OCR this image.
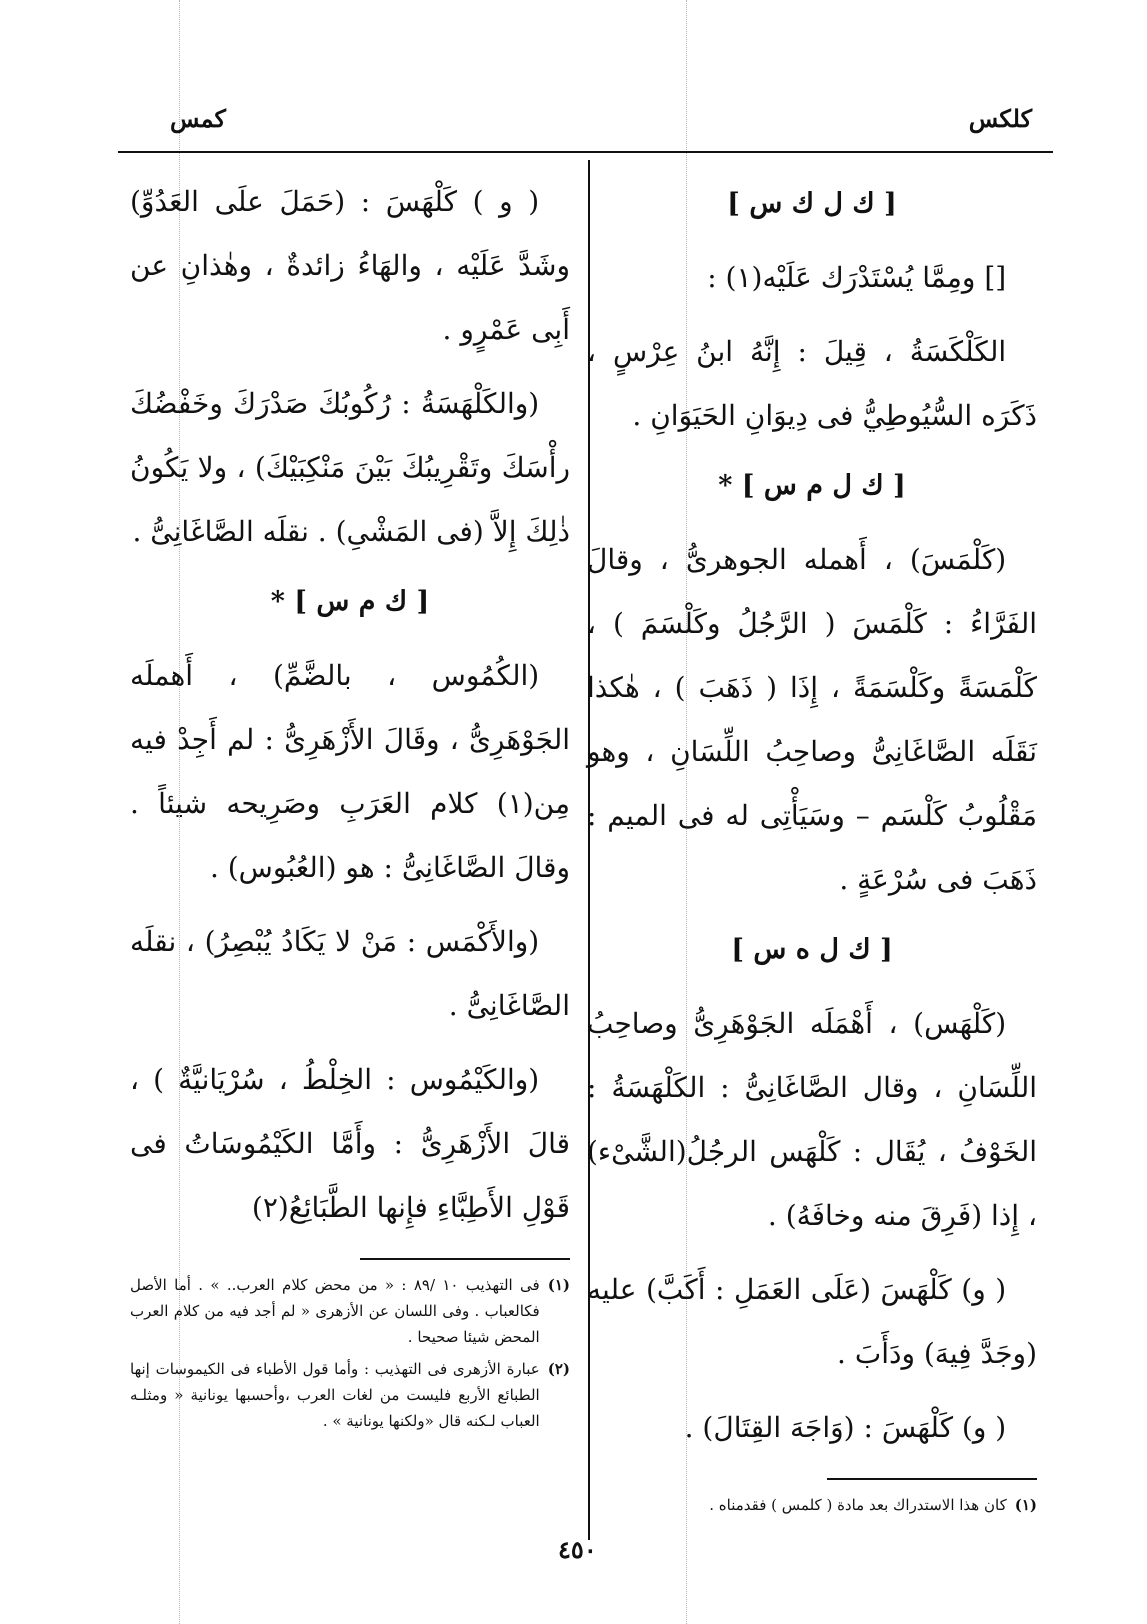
كلكس
كمس
[ ك ل ك س ]

[] ومِمَّا يُسْتَدْرَك عَلَيْه(١) :

الكَلْكَسَةُ ، قِيلَ : إِنَّهُ ابنُ عِرْسٍ ، ذَكَرَه السُّيُوطِيُّ فى دِيوَانِ الحَيَوَانِ .

[ ك ل م س ] *

(كَلْمَسَ) ، أَهمله الجوهرىُّ ، وقالَ الفَرَّاءُ : كَلْمَسَ ( الرَّجُلُ وكَلْسَمَ ) ، كَلْمَسَةً وكَلْسَمَةً ، إِذَا ( ذَهَبَ ) ، هٰكذا نَقَلَه الصَّاغَانِىُّ وصاحِبُ اللِّسَانِ ، وهو مَقْلُوبُ كَلْسَم – وسَيَأْتِى له فى الميم : ذَهَبَ فى سُرْعَةٍ .

[ ك ل ه س ]

(كَلْهَس) ، أَهْمَلَه الجَوْهَرِىُّ وصاحِبُ اللِّسَانِ ، وقال الصَّاغَانِىُّ : الكَلْهَسَةُ : الخَوْفُ ، يُقَال : كَلْهَس الرجُلُ(الشَّىْء) ، إِذا (فَرِقَ منه وخافَهُ) .

( و) كَلْهَسَ (عَلَى العَمَلِ : أَكَبَّ) عليه (وجَدَّ فِيهَ) ودَأَبَ .

( و) كَلْهَسَ : (وَاجَهَ القِتَالَ) .

(١)
كان هذا الاستدراك بعد مادة ( كلمس ) فقدمناه .

( و ) كَلْهَسَ : (حَمَلَ علَى العَدُوِّ) وشَدَّ عَلَيْه ، والهَاءُ زائدةٌ ، وهٰذانِ عن أَبِى عَمْرٍو .

(والكَلْهَسَةُ : رُكُوبُكَ صَدْرَكَ وخَفْضُكَ رأْسَكَ وتَقْرِيبُكَ بَيْنَ مَنْكِبَيْكَ) ، ولا يَكُونُ ذٰلِكَ إِلاَّ (فى المَشْىِ) . نقلَه الصَّاغَانِىُّ .

[ ك م س ] *

(الكُمُوس ، بالضَّمِّ) ، أَهملَه الجَوْهَرِىُّ ، وقَالَ الأَزْهَرِىُّ : لم أَجِدْ فيه مِن(١) كلام العَرَبِ وصَرِيحه شيئاً . وقالَ الصَّاغَانِىُّ : هو (العُبُوس) .

(والأَكْمَس : مَنْ لا يَكَادُ يُبْصِرُ) ، نقلَه الصَّاغَانِىُّ .

(والكَيْمُوس : الخِلْطُ ، سُرْيَانيَّةٌ ) ، قالَ الأَزْهَرِىُّ : وأَمَّا الكَيْمُوسَاتُ فى قَوْلِ الأَطِبَّاءِ فإِنها الطَّبَائِعُ(٢)

(١)
فى التهذيب ١٠ /٨٩ : « من محض كلام العرب.. » . أما الأصل فكالعباب . وفى اللسان عن الأزهرى « لم أجد فيه من كلام العرب المحض شيئا صحيحا .
(٢)
عبارة الأزهرى فى التهذيب : وأما قول الأطباء فى الكيموسات إنها الطبائع الأربع فليست من لغات العرب ،وأحسبها يونانية « ومثلـه العباب لـكنه قال «ولكنها يونانية » .
٤٥٠
